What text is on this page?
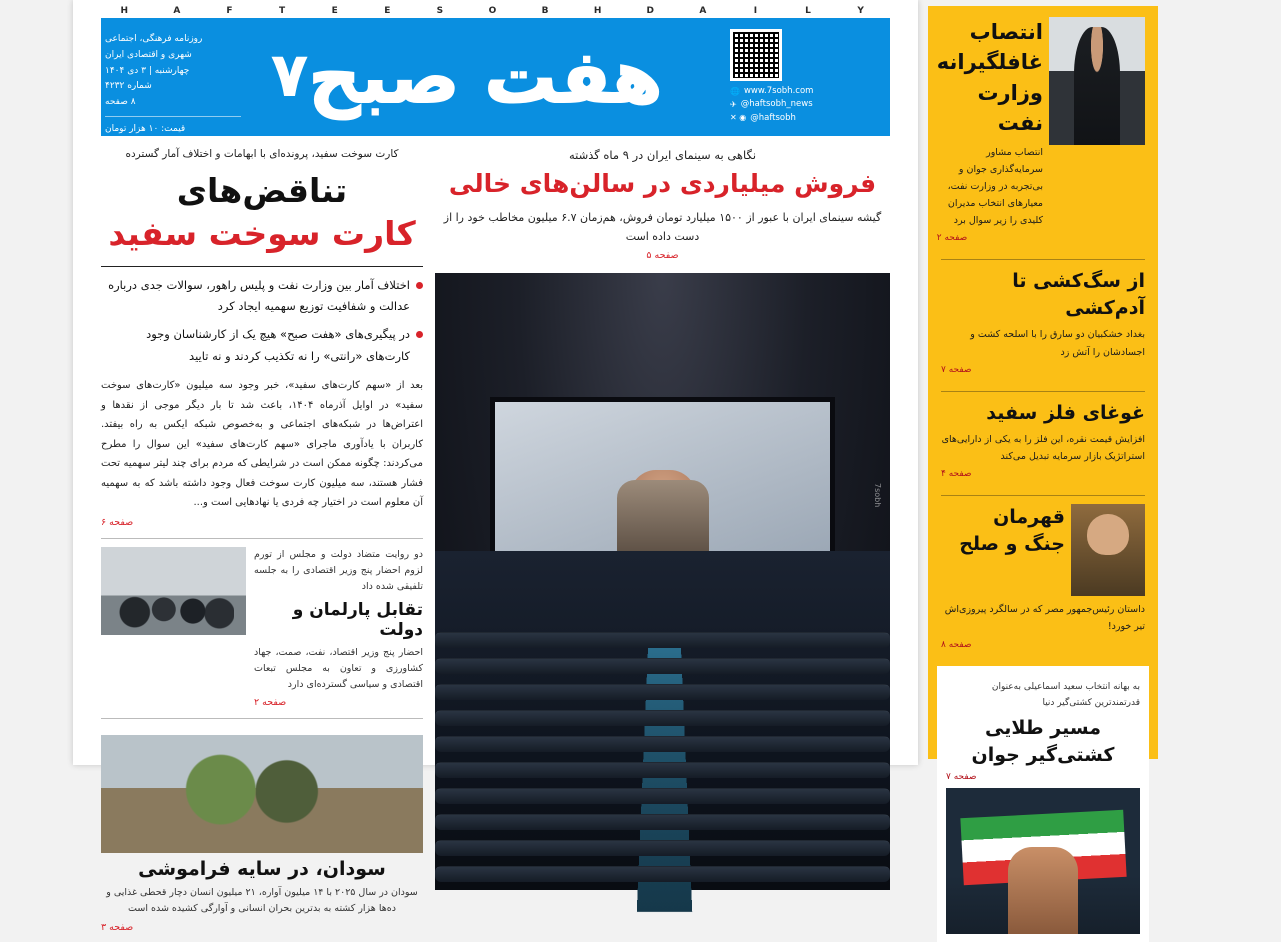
H	A	F	T	E	E	S	O	B	H	D	A	I	L	Y
🌐 www.7sobh.com
✈ @haftsobh_news
✕ ◉ @haftsobh
هفت صبح
۷
روزنامه فرهنگی، اجتماعی
شهری و اقتصادی ایران
چهارشنبه | ۳ دی ۱۴۰۴
شماره ۴۲۳۲
۸ صفحه
قیمت: ۱۰ هزار تومان
نگاهی به سینمای ایران در ۹ ماه گذشته
فروش میلیاردی در سالن‌های خالی
گیشه سینمای ایران با عبور از ۱۵۰۰ میلیارد تومان فروش، هم‌زمان ۶.۷ میلیون مخاطب خود را از دست داده است
صفحه ۵
7sobh
کارت سوخت سفید، پرونده‌ای با ابهامات و اختلاف آمار گسترده
تناقض‌های
کارت سوخت سفید
اختلاف آمار بین وزارت نفت و پلیس راهور، سوالات جدی درباره عدالت و شفافیت توزیع سهمیه ایجاد کرد
در پیگیری‌های «هفت صبح» هیچ یک از کارشناسان وجود کارت‌های «رانتی» را نه تکذیب کردند و نه تایید
بعد از «سهم کارت‌های سفید»، خبر وجود سه میلیون «کارت‌های سوخت سفید» در اوایل آذرماه ۱۴۰۴، باعث شد تا بار دیگر موجی از نقدها و اعتراض‌ها در شبکه‌های اجتماعی و به‌خصوص شبکه ایکس به راه بیفتد. کاربران با یادآوری ماجرای «سهم کارت‌های سفید» این سوال را مطرح می‌کردند: چگونه ممکن است در شرایطی که مردم برای چند لیتر سهمیه تحت فشار هستند، سه میلیون کارت سوخت فعال وجود داشته باشد که به سهمیه آن معلوم است در اختیار چه فردی یا نهادهایی است و...
صفحه ۶
دو روایت متضاد دولت و مجلس از تورم لزوم احضار پنج وزیر اقتصادی را به جلسه تلفیقی شده داد
تقابل پارلمان و دولت
احضار پنج وزیر اقتصاد، نفت، صمت، جهاد کشاورزی و تعاون به مجلس تبعات اقتصادی و سیاسی گسترده‌ای دارد
صفحه ۲
سودان، در سایه فراموشی
سودان در سال ۲۰۲۵ با ۱۴ میلیون آواره، ۲۱ میلیون انسان دچار قحطی غذایی و ده‌ها هزار کشته به بدترین بحران انسانی و آوارگی کشیده شده است
صفحه ۳
انتصاب غافلگیرانه وزارت نفت
انتصاب مشاور سرمایه‌گذاری جوان و بی‌تجربه در وزارت نفت، معیارهای انتخاب مدیران کلیدی را زیر سوال برد
صفحه ۲
از سگ‌کشی تا آدم‌کشی
بغداد خشکبیان دو سارق را با اسلحه کشت و اجسادشان را آتش زد
صفحه ۷
غوغای فلز سفید
افزایش قیمت نقره، این فلز را به یکی از دارایی‌های استراتژیک بازار سرمایه تبدیل می‌کند
صفحه ۴
قهرمان
جنگ و صلح
داستان رئیس‌جمهور مصر که در سالگرد پیروزی‌اش تیر خورد!
صفحه ۸
به بهانه انتخاب سعید اسماعیلی به‌عنوان قدرتمندترین کشتی‌گیر دنیا
مسیر طلایی کشتی‌گیر جوان
صفحه ۷
